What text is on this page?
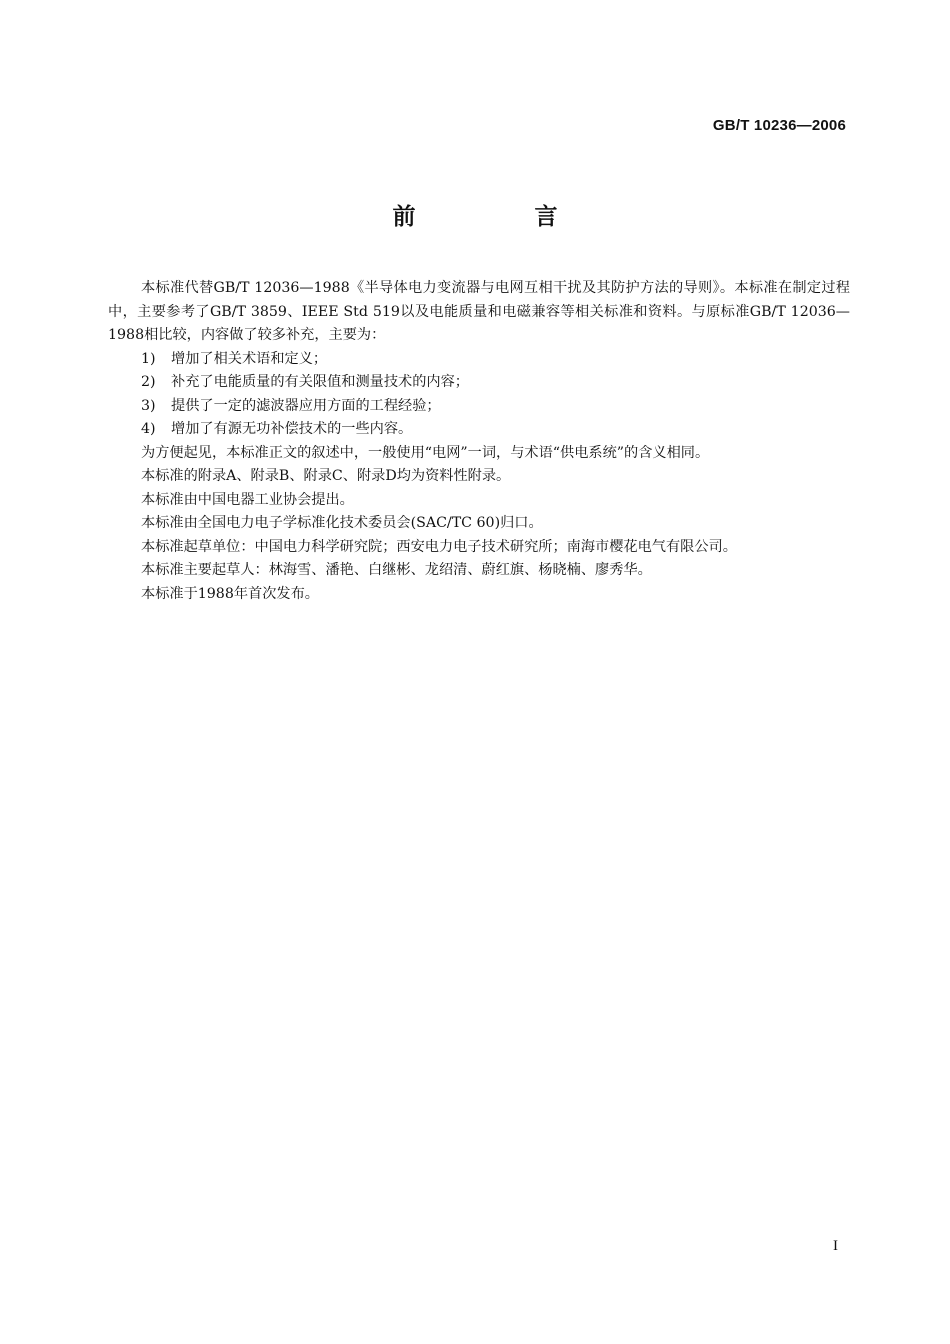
GB/T 10236—2006
前　言

本标准代替GB/T 12036—1988《半导体电力变流器与电网互相干扰及其防护方法的导则》。本标准在制定过程中，主要参考了GB/T 3859、IEEE Std 519以及电能质量和电磁兼容等相关标准和资料。与原标准GB/T 12036—1988相比较，内容做了较多补充，主要为：

1) 增加了相关术语和定义；

2) 补充了电能质量的有关限值和测量技术的内容；

3) 提供了一定的滤波器应用方面的工程经验；

4) 增加了有源无功补偿技术的一些内容。

为方便起见，本标准正文的叙述中，一般使用“电网”一词，与术语“供电系统”的含义相同。

本标准的附录A、附录B、附录C、附录D均为资料性附录。

本标准由中国电器工业协会提出。

本标准由全国电力电子学标准化技术委员会(SAC/TC 60)归口。

本标准起草单位：中国电力科学研究院；西安电力电子技术研究所；南海市樱花电气有限公司。

本标准主要起草人：林海雪、潘艳、白继彬、龙绍清、蔚红旗、杨晓楠、廖秀华。

本标准于1988年首次发布。

I
